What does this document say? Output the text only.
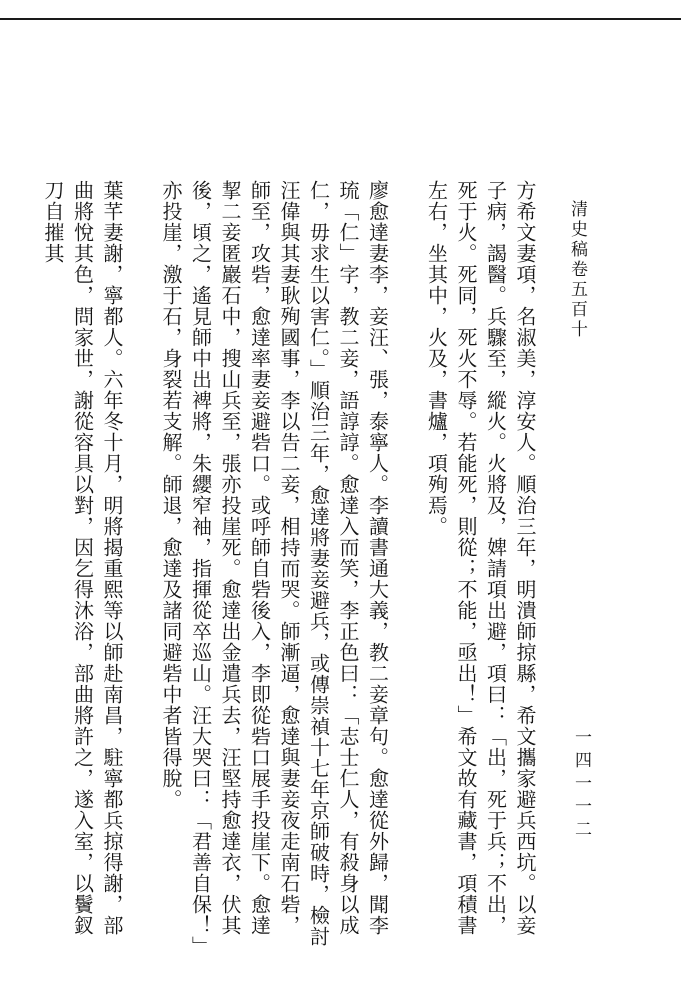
清史稿卷五百十
一四一一二

方希文妻項，名淑美，淳安人。順治三年，明潰師掠縣，希文攜家避兵西坑。以妾子病，謁醫。兵驟至，縱火。火將及，婢請項出避，項曰：「出，死于兵；不出，死于火。死同，死火不辱。若能死，則從；不能，亟出！」希文故有藏書，項積書左右，坐其中，火及，書爐，項殉焉。

廖愈達妻李，妾汪、張，泰寧人。李讀書通大義，教二妾章句。愈達從外歸，聞李琉「仁」字，教二妾，語諄諄。愈達入而笑，李正色曰：「志士仁人，有殺身以成仁，毋求生以害仁。」順治三年，愈達將妻妾避兵，或傳崇禎十七年京師破時，檢討汪偉與其妻耿殉國事，李以告二妾，相持而哭。師漸逼，愈達與妻妾夜走南石砦，師至，攻砦，愈達率妻妾避砦口。或呼師自砦後入，李即從砦口展手投崖下。愈達挈二妾匿巖石中，搜山兵至，張亦投崖死。愈達出金遣兵去，汪堅持愈達衣，伏其後，頃之，遙見師中出裨將，朱纓窄袖，指揮從卒巡山。汪大哭曰：「君善自保！」亦投崖，激于石，身裂若支解。師退，愈達及諸同避砦中者皆得脫。

葉芊妻謝，寧都人。六年冬十月，明將揭重熙等以師赴南昌，駐寧都兵掠得謝，部曲將悅其色，問家世，謝從容具以對，因乞得沐浴，部曲將許之，遂入室，以鬢釵刀自摧其
